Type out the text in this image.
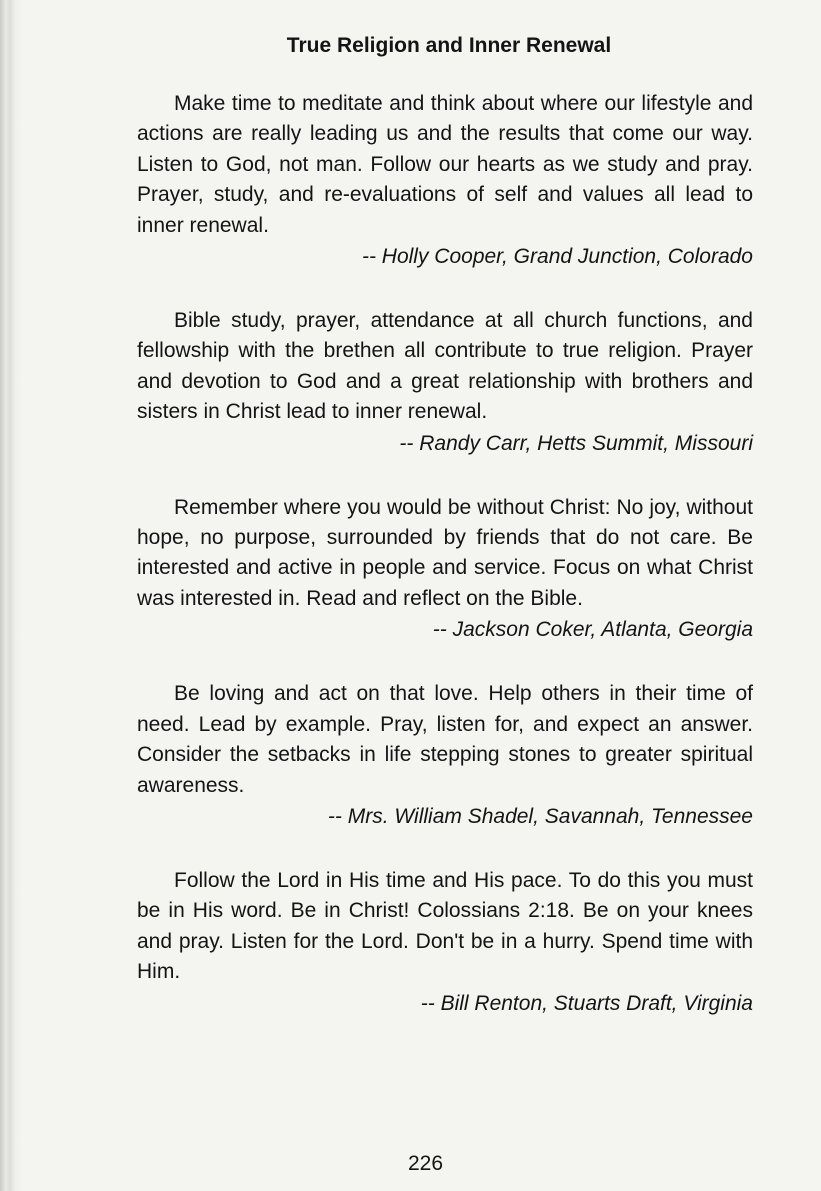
True Religion and Inner Renewal

Make time to meditate and think about where our lifestyle and actions are really leading us and the results that come our way. Listen to God, not man. Follow our hearts as we study and pray. Prayer, study, and re-evaluations of self and values all lead to inner renewal.

-- Holly Cooper, Grand Junction, Colorado

Bible study, prayer, attendance at all church functions, and fellowship with the brethen all contribute to true religion. Prayer and devotion to God and a great relationship with brothers and sisters in Christ lead to inner renewal.

-- Randy Carr, Hetts Summit, Missouri

Remember where you would be without Christ: No joy, without hope, no purpose, surrounded by friends that do not care. Be interested and active in people and service. Focus on what Christ was interested in. Read and reflect on the Bible.

-- Jackson Coker, Atlanta, Georgia

Be loving and act on that love. Help others in their time of need. Lead by example. Pray, listen for, and expect an answer. Consider the setbacks in life stepping stones to greater spiritual awareness.

-- Mrs. William Shadel, Savannah, Tennessee

Follow the Lord in His time and His pace. To do this you must be in His word. Be in Christ! Colossians 2:18. Be on your knees and pray. Listen for the Lord. Don't be in a hurry. Spend time with Him.

-- Bill Renton, Stuarts Draft, Virginia
226
